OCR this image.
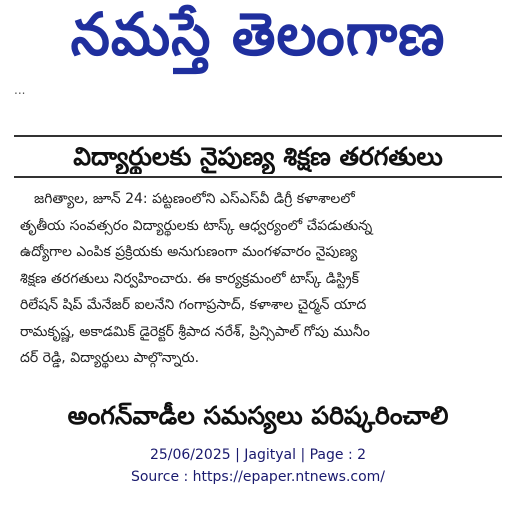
నమస్తే తెలంగాణ
...
విద్యార్థులకు నైపుణ్య శిక్షణ తరగతులు
జగిత్యాల, జూన్ 24: పట్టణంలోని ఎస్‌ఎస్‌వీ డిగ్రీ కళాశాలలో
తృతీయ సంవత్సరం విద్యార్థులకు టాస్క్ ఆధ్వర్యంలో చేపడుతున్న
ఉద్యోగాల ఎంపిక ప్రక్రియకు అనుగుణంగా మంగళవారం నైపుణ్య
శిక్షణ తరగతులు నిర్వహించారు. ఈ కార్యక్రమంలో టాస్క్ డిస్ట్రిక్
రిలేషన్ షిప్ మేనేజర్ ఐలనేని గంగాప్రసాద్, కళాశాల చైర్మన్ యాద
రామకృష్ణ, అకాడమిక్ డైరెక్టర్ శ్రీపాద నరేశ్, ప్రిన్సిపాల్ గోపు మునీం
దర్ రెడ్డి, విద్యార్థులు పాల్గొన్నారు.
అంగన్‌వాడీల సమస్యలు పరిష్కరించాలి
25/06/2025 | Jagityal | Page : 2
Source : https://epaper.ntnews.com/
